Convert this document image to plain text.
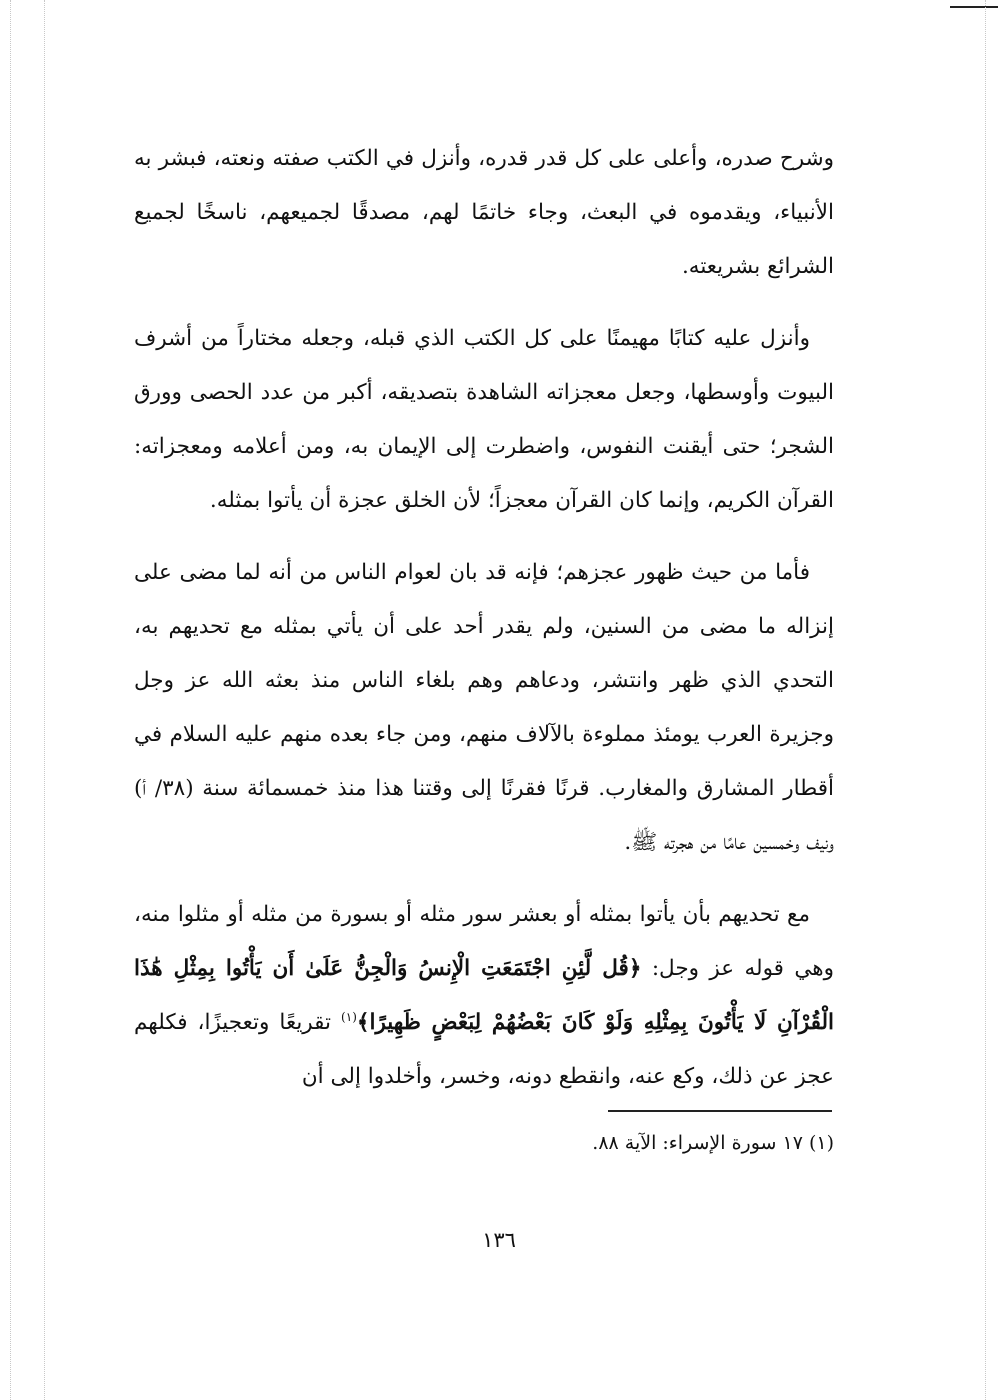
وشرح صدره، وأعلى على كل قدر قدره، وأنزل في الكتب صفته ونعته، فبشر به الأنبياء، ويقدموه في البعث، وجاء خاتمًا لهم، مصدقًا لجميعهم، ناسخًا لجميع الشرائع بشريعته.

وأنزل عليه كتابًا مهيمنًا على كل الكتب الذي قبله، وجعله مختاراً من أشرف البيوت وأوسطها، وجعل معجزاته الشاهدة بتصديقه، أكبر من عدد الحصى وورق الشجر؛ حتى أيقنت النفوس، واضطرت إلى الإيمان به، ومن أعلامه ومعجزاته: القرآن الكريم، وإنما كان القرآن معجزاً؛ لأن الخلق عجزة أن يأتوا بمثله.

فأما من حيث ظهور عجزهم؛ فإنه قد بان لعوام الناس من أنه لما مضى على إنزاله ما مضى من السنين، ولم يقدر أحد على أن يأتي بمثله مع تحديهم به، التحدي الذي ظهر وانتشر، ودعاهم وهم بلغاء الناس منذ بعثه الله عز وجل وجزيرة العرب يومئذ مملوءة بالآلاف منهم، ومن جاء بعده منهم عليه السلام في أقطار المشارق والمغارب. قرنًا فقرنًا إلى وقتنا هذا منذ خمسمائة سنة (٣٨/ أ) ونيف وخمسين عامًا من هجرته ﷺ.

مع تحديهم بأن يأتوا بمثله أو بعشر سور مثله أو بسورة من مثله أو مثلوا منه، وهي قوله عز وجل: ﴿قُل لَّئِنِ اجْتَمَعَتِ الْإِنسُ وَالْجِنُّ عَلَىٰ أَن يَأْتُوا بِمِثْلِ هَٰذَا الْقُرْآنِ لَا يَأْتُونَ بِمِثْلِهِ وَلَوْ كَانَ بَعْضُهُمْ لِبَعْضٍ ظَهِيرًا﴾$^{(١)}$ تقريعًا وتعجيزًا، فكلهم عجز عن ذلك، وكع عنه، وانقطع دونه، وخسر، وأخلدوا إلى أن

(١) ١٧ سورة الإسراء: الآية ٨٨.
١٣٦
